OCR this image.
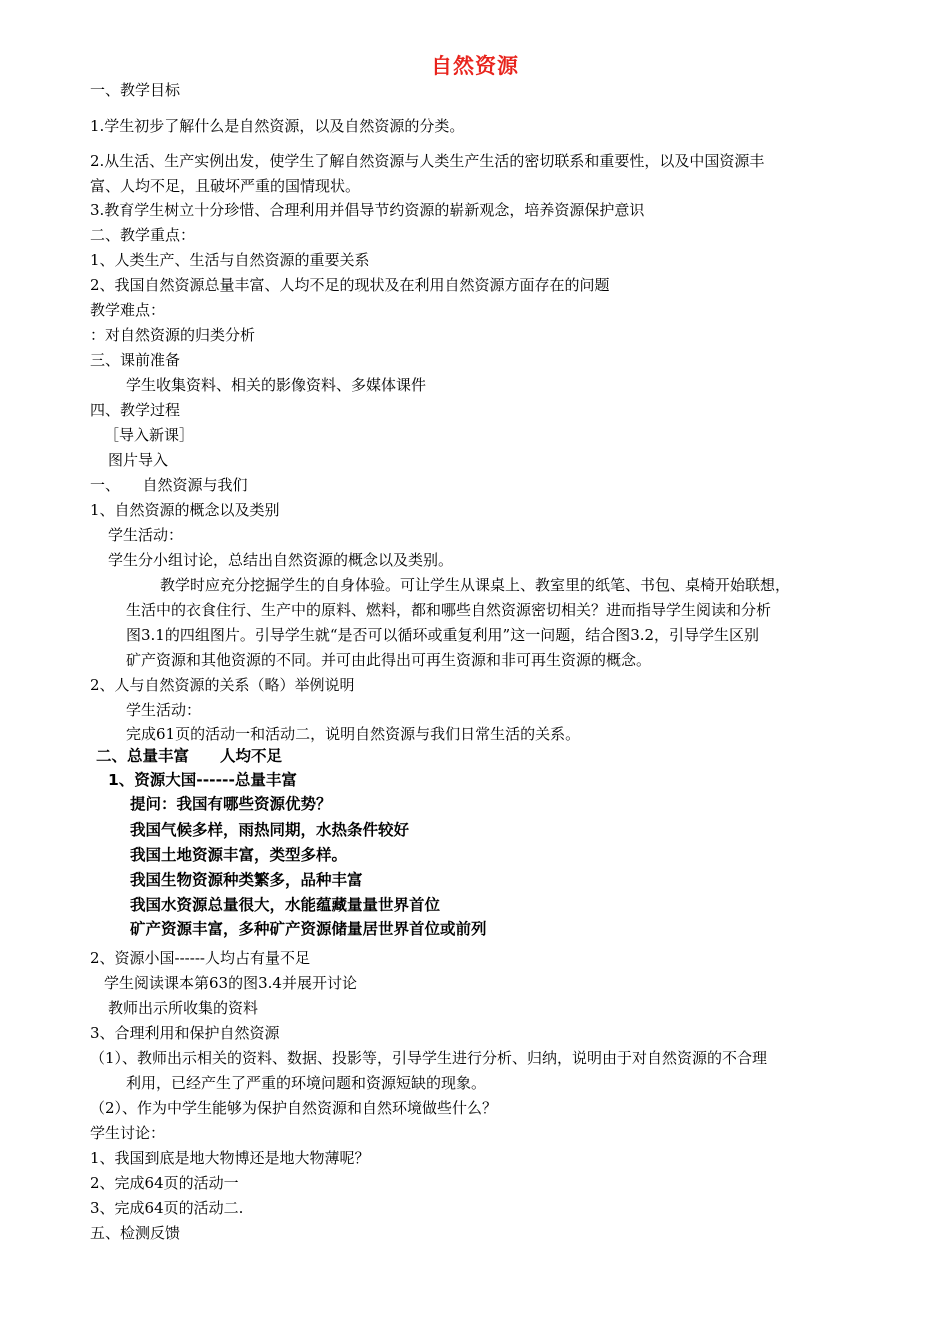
自然资源
一、教学目标
1.学生初步了解什么是自然资源，以及自然资源的分类。
2.从生活、生产实例出发，使学生了解自然资源与人类生产生活的密切联系和重要性，以及中国资源丰
富、人均不足，且破坏严重的国情现状。
3.教育学生树立十分珍惜、合理利用并倡导节约资源的崭新观念，培养资源保护意识
二、教学重点：
1、人类生产、生活与自然资源的重要关系
2、我国自然资源总量丰富、人均不足的现状及在利用自然资源方面存在的问题
教学难点：
：对自然资源的归类分析
三、课前准备
学生收集资料、相关的影像资料、多媒体课件
四、教学过程
［导入新课］
图片导入
一、　　自然资源与我们
1、自然资源的概念以及类别
学生活动：
学生分小组讨论，总结出自然资源的概念以及类别。
教学时应充分挖掘学生的自身体验。可让学生从课桌上、教室里的纸笔、书包、桌椅开始联想，
生活中的衣食住行、生产中的原料、燃料，都和哪些自然资源密切相关？进而指导学生阅读和分析
图3.1的四组图片。引导学生就“是否可以循环或重复利用”这一问题，结合图3.2，引导学生区别
矿产资源和其他资源的不同。并可由此得出可再生资源和非可再生资源的概念。
2、人与自然资源的关系（略）举例说明
学生活动：
完成61页的活动一和活动二，说明自然资源与我们日常生活的关系。
二、总量丰富　　人均不足
1、资源大国------总量丰富
提问：我国有哪些资源优势？
我国气候多样，雨热同期，水热条件较好
我国土地资源丰富，类型多样。
我国生物资源种类繁多，品种丰富
我国水资源总量很大，水能蕴藏量量世界首位
矿产资源丰富，多种矿产资源储量居世界首位或前列
2、资源小国------人均占有量不足
学生阅读课本第63的图3.4并展开讨论
教师出示所收集的资料
3、合理利用和保护自然资源
（1）、教师出示相关的资料、数据、投影等，引导学生进行分析、归纳，说明由于对自然资源的不合理
利用，已经产生了严重的环境问题和资源短缺的现象。
（2）、作为中学生能够为保护自然资源和自然环境做些什么？
学生讨论：
1、我国到底是地大物博还是地大物薄呢？
2、完成64页的活动一
3、完成64页的活动二.
五、检测反馈
